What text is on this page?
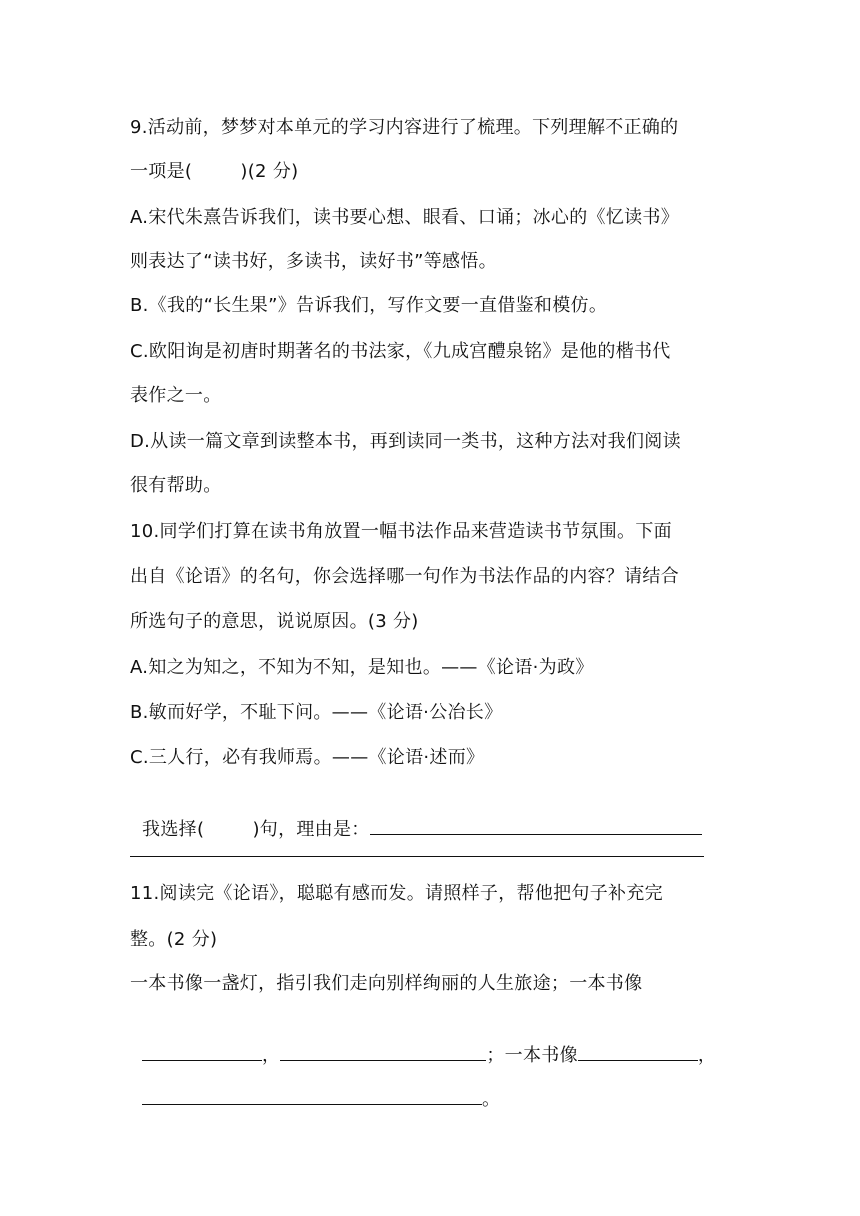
9.活动前，梦梦对本单元的学习内容进行了梳理。下列理解不正确的
一项是(        )(2 分)
A.宋代朱熹告诉我们，读书要心想、眼看、口诵；冰心的《忆读书》
则表达了“读书好，多读书，读好书”等感悟。
B.《我的“长生果”》告诉我们，写作文要一直借鉴和模仿。
C.欧阳询是初唐时期著名的书法家，《九成宫醴泉铭》是他的楷书代
表作之一。
D.从读一篇文章到读整本书，再到读同一类书，这种方法对我们阅读
很有帮助。
10.同学们打算在读书角放置一幅书法作品来营造读书节氛围。下面
出自《论语》的名句，你会选择哪一句作为书法作品的内容？请结合
所选句子的意思，说说原因。(3 分)
A.知之为知之，不知为不知，是知也。——《论语·为政》
B.敏而好学，不耻下问。——《论语·公冶长》
C.三人行，必有我师焉。——《论语·述而》

我选择(        )句，理由是：

11.阅读完《论语》，聪聪有感而发。请照样子，帮他把句子补充完
整。(2 分)
一本书像一盏灯，指引我们走向别样绚丽的人生旅途；一本书像

，	；一本书像	，

。
